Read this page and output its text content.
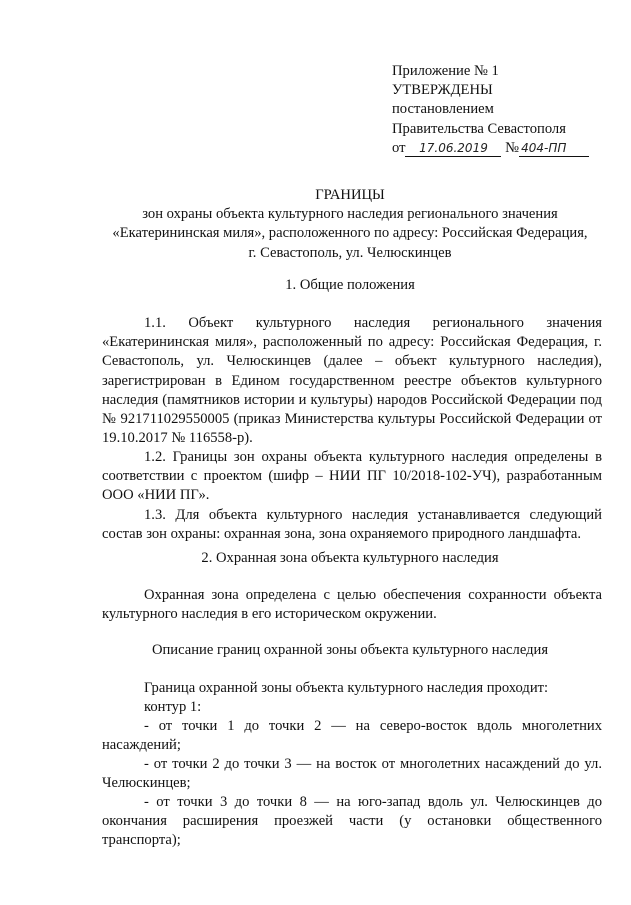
Приложение № 1
УТВЕРЖДЕНЫ
постановлением
Правительства Севастополя
от 17.06.2019 № 404-ПП
ГРАНИЦЫ
зон охраны объекта культурного наследия регионального значения
«Екатерининская миля», расположенного по адресу: Российская Федерация,
г. Севастополь, ул. Челюскинцев
1. Общие положения
1.1. Объект культурного наследия регионального значения «Екатерининская миля», расположенный по адресу: Российская Федерация, г. Севастополь, ул. Челюскинцев (далее – объект культурного наследия), зарегистрирован в Едином государственном реестре объектов культурного наследия (памятников истории и культуры) народов Российской Федерации под № 921711029550005 (приказ Министерства культуры Российской Федерации от 19.10.2017 № 116558-р).
1.2. Границы зон охраны объекта культурного наследия определены в соответствии с проектом (шифр – НИИ ПГ 10/2018-102-УЧ), разработанным ООО «НИИ ПГ».
1.3. Для объекта культурного наследия устанавливается следующий состав зон охраны: охранная зона, зона охраняемого природного ландшафта.
2. Охранная зона объекта культурного наследия
Охранная зона определена с целью обеспечения сохранности объекта культурного наследия в его историческом окружении.
Описание границ охранной зоны объекта культурного наследия
Граница охранной зоны объекта культурного наследия проходит:
контур 1:
- от точки 1 до точки 2 — на северо-восток вдоль многолетних насаждений;
- от точки 2 до точки 3 — на восток от многолетних насаждений до ул. Челюскинцев;
- от точки 3 до точки 8 — на юго-запад вдоль ул. Челюскинцев до окончания расширения проезжей части (у остановки общественного транспорта);
